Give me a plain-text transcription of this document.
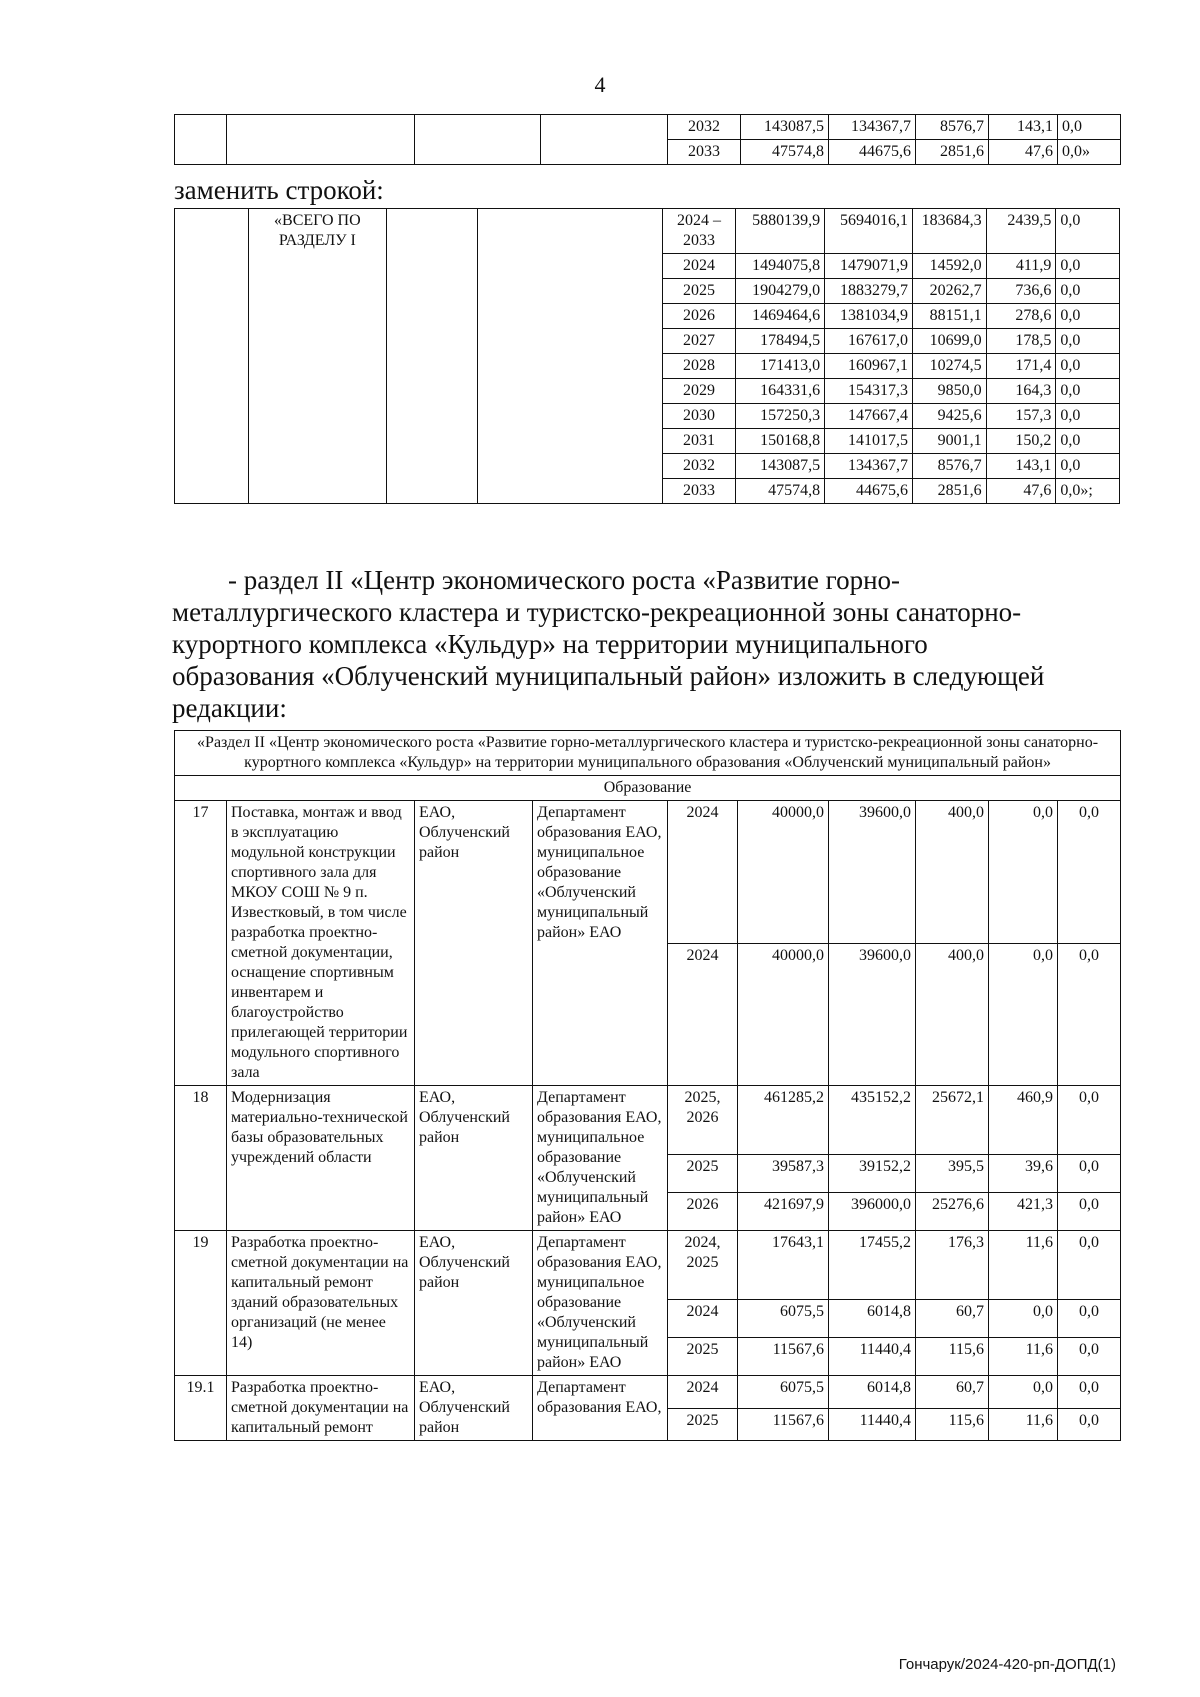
4
				2032	143087,5	134367,7	8576,7	143,1	0,0
				2033	47574,8	44675,6	2851,6	47,6	0,0»
заменить строкой:
	«ВСЕГО ПО РАЗДЕЛУ I			2024 – 2033	5880139,9	5694016,1	183684,3	2439,5	0,0
				2024	1494075,8	1479071,9	14592,0	411,9	0,0
				2025	1904279,0	1883279,7	20262,7	736,6	0,0
				2026	1469464,6	1381034,9	88151,1	278,6	0,0
				2027	178494,5	167617,0	10699,0	178,5	0,0
				2028	171413,0	160967,1	10274,5	171,4	0,0
				2029	164331,6	154317,3	9850,0	164,3	0,0
				2030	157250,3	147667,4	9425,6	157,3	0,0
				2031	150168,8	141017,5	9001,1	150,2	0,0
				2032	143087,5	134367,7	8576,7	143,1	0,0
				2033	47574,8	44675,6	2851,6	47,6	0,0»;
- раздел II «Центр экономического роста «Развитие горно-
металлургического кластера и туристско-рекреационной зоны санаторно-
курортного комплекса «Кульдур» на территории муниципального
образования «Облученский муниципальный район» изложить в следующей
редакции:
«Раздел II «Центр экономического роста «Развитие горно-металлургического кластера и туристско-рекреационной зоны санаторно-курортного комплекса «Кульдур» на территории муниципального образования «Облученский муниципальный район»									
Образование									
17	Поставка, монтаж и ввод в эксплуатацию модульной конструкции спортивного зала для МКОУ СОШ № 9 п. Известковый, в том числе разработка проектно-сметной документации, оснащение спортивным инвентарем и благоустройство прилегающей территории модульного спортивного зала	ЕАО, Облученский район	Департамент образования ЕАО, муниципальное образование «Облученский муниципальный район» ЕАО	2024	40000,0	39600,0	400,0	0,0	0,0
				2024	40000,0	39600,0	400,0	0,0	0,0
18	Модернизация материально-технической базы образовательных учреждений области	ЕАО, Облученский район	Департамент образования ЕАО, муниципальное образование «Облученский муниципальный район» ЕАО	2025, 2026	461285,2	435152,2	25672,1	460,9	0,0
				2025	39587,3	39152,2	395,5	39,6	0,0
				2026	421697,9	396000,0	25276,6	421,3	0,0
19	Разработка проектно-сметной документации на капитальный ремонт зданий образовательных организаций (не менее 14)	ЕАО, Облученский район	Департамент образования ЕАО, муниципальное образование «Облученский муниципальный район» ЕАО	2024, 2025	17643,1	17455,2	176,3	11,6	0,0
				2024	6075,5	6014,8	60,7	0,0	0,0
				2025	11567,6	11440,4	115,6	11,6	0,0
19.1	Разработка проектно-сметной документации на капитальный ремонт	ЕАО, Облученский район	Департамент образования ЕАО,	2024	6075,5	6014,8	60,7	0,0	0,0
				2025	11567,6	11440,4	115,6	11,6	0,0
Гончарук/2024-420-рп-ДОПД(1)
